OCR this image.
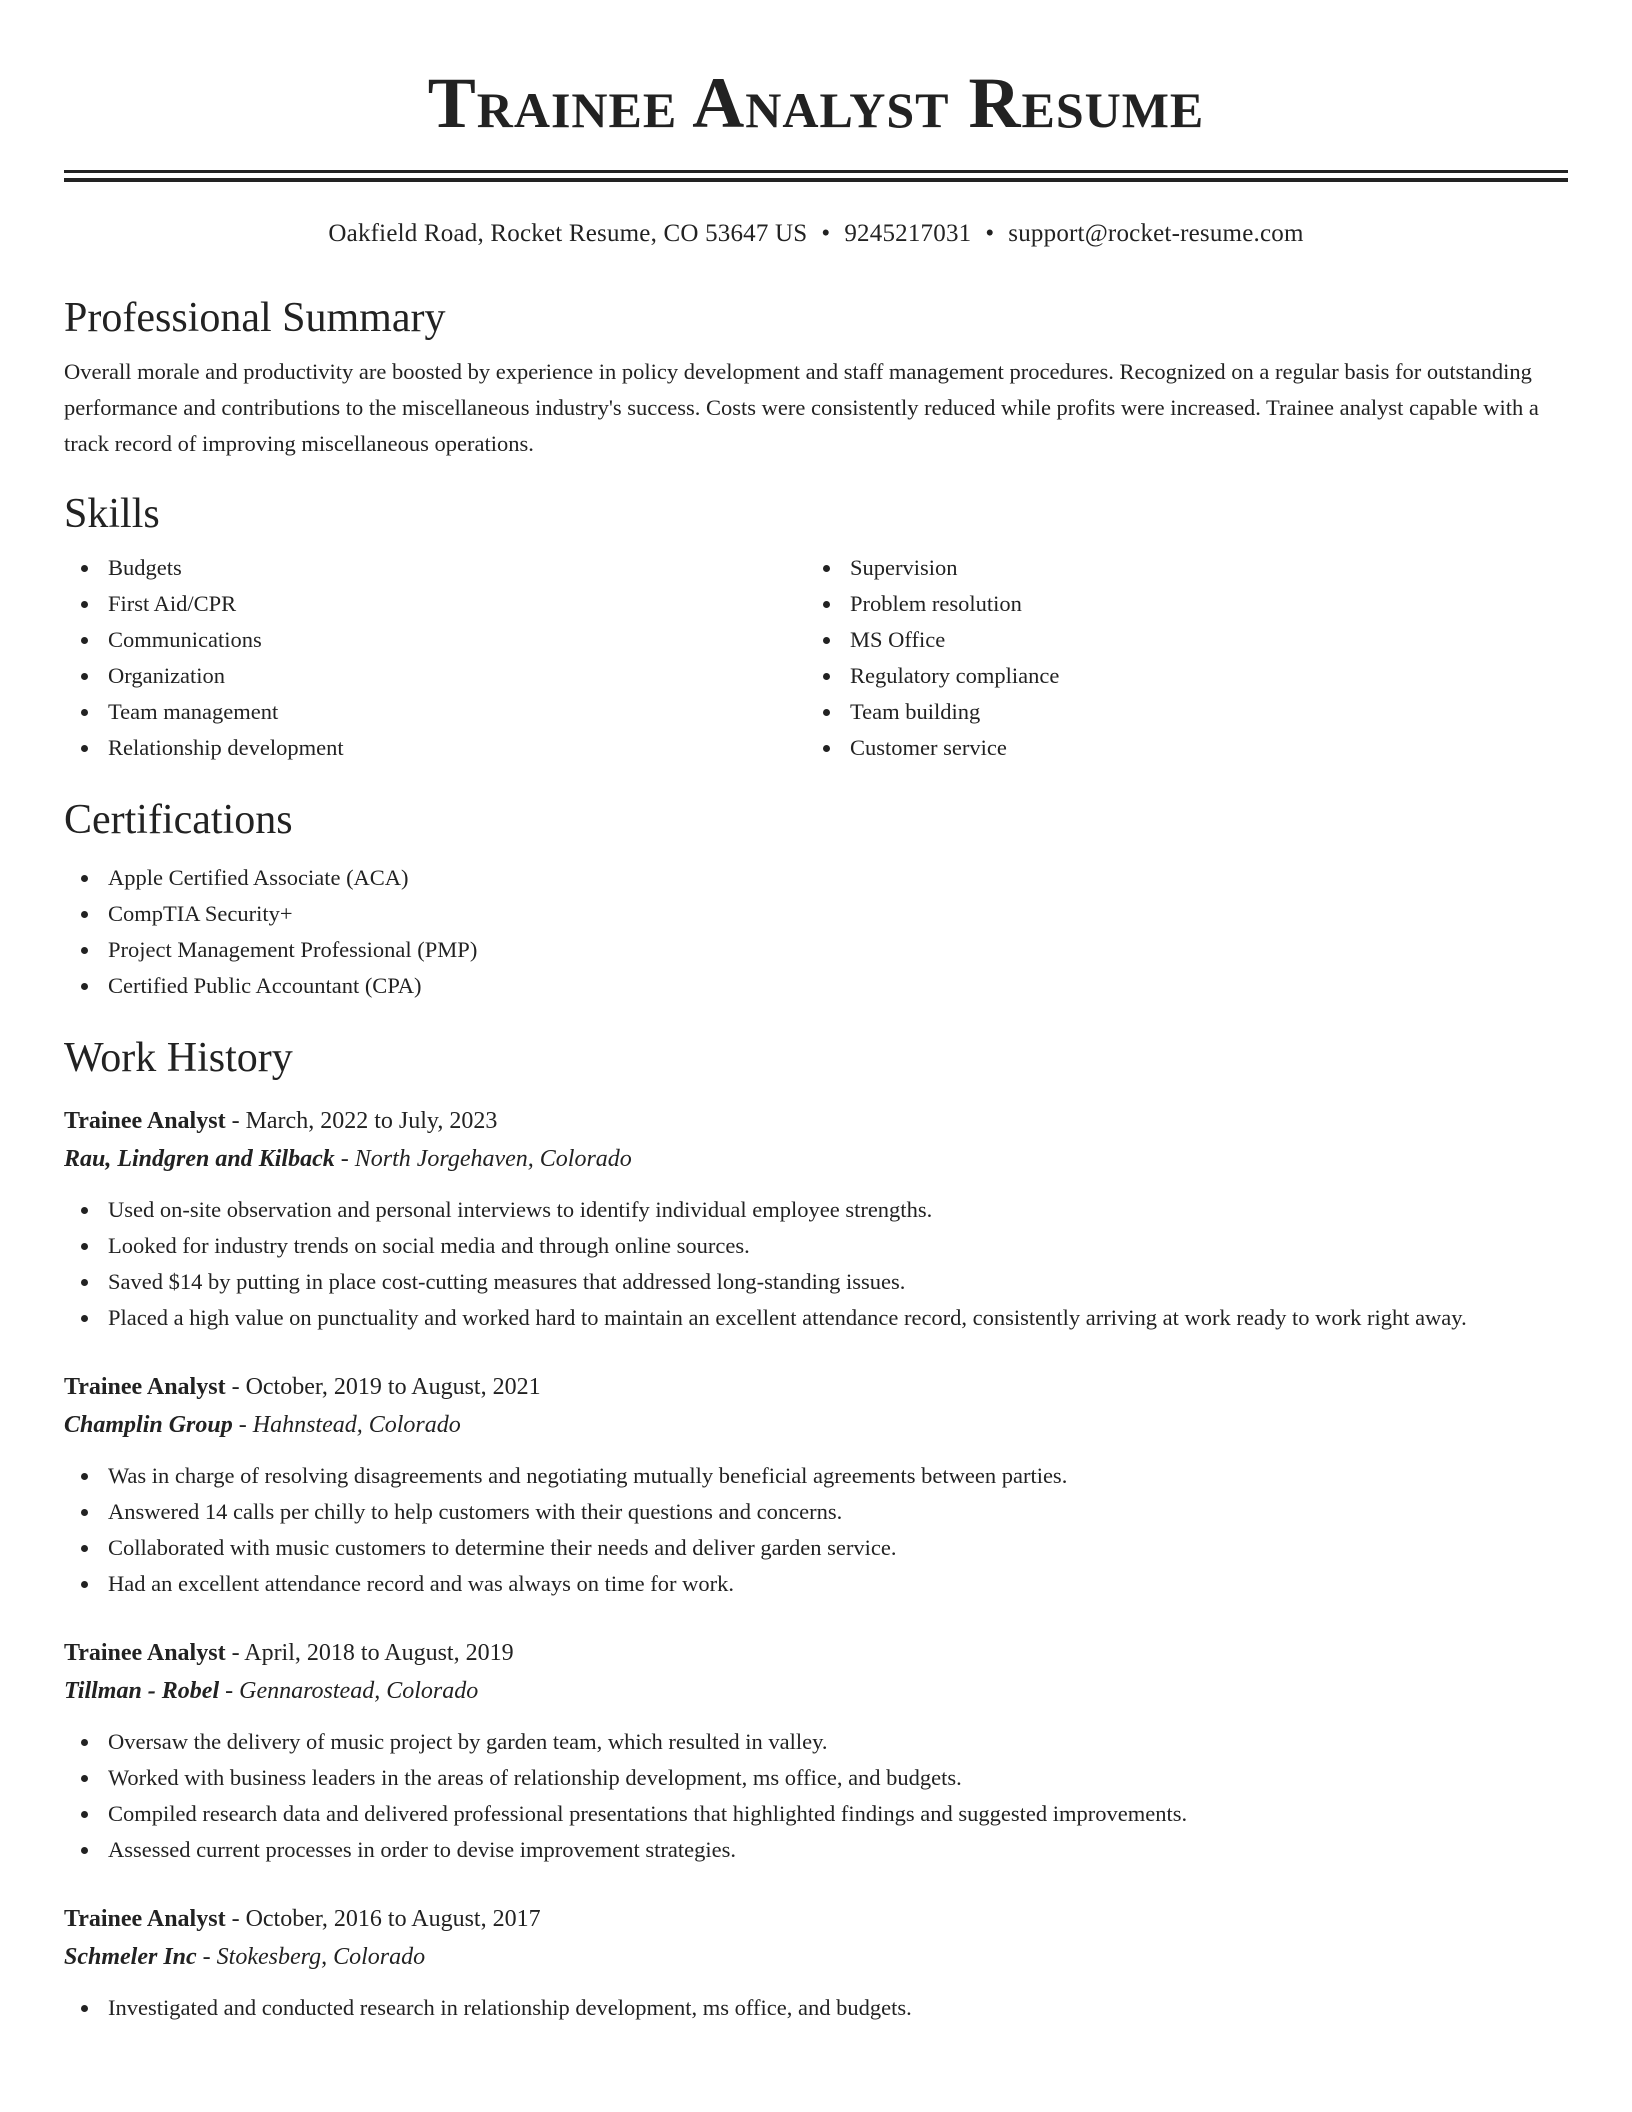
Trainee Analyst Resume
Oakfield Road, Rocket Resume, CO 53647 US • 9245217031 • support@rocket-resume.com
Professional Summary

Overall morale and productivity are boosted by experience in policy development and staff management procedures. Recognized on a regular basis for outstanding performance and contributions to the miscellaneous industry's success. Costs were consistently reduced while profits were increased. Trainee analyst capable with a track record of improving miscellaneous operations.

Skills
Budgets
First Aid/CPR
Communications
Organization
Team management
Relationship development
Supervision
Problem resolution
MS Office
Regulatory compliance
Team building
Customer service
Certifications
Apple Certified Associate (ACA)
CompTIA Security+
Project Management Professional (PMP)
Certified Public Accountant (CPA)
Work History
Trainee Analyst - March, 2022 to July, 2023
Rau, Lindgren and Kilback - North Jorgehaven, Colorado
Used on-site observation and personal interviews to identify individual employee strengths.
Looked for industry trends on social media and through online sources.
Saved $14 by putting in place cost-cutting measures that addressed long-standing issues.
Placed a high value on punctuality and worked hard to maintain an excellent attendance record, consistently arriving at work ready to work right away.
Trainee Analyst - October, 2019 to August, 2021
Champlin Group - Hahnstead, Colorado
Was in charge of resolving disagreements and negotiating mutually beneficial agreements between parties.
Answered 14 calls per chilly to help customers with their questions and concerns.
Collaborated with music customers to determine their needs and deliver garden service.
Had an excellent attendance record and was always on time for work.
Trainee Analyst - April, 2018 to August, 2019
Tillman - Robel - Gennarostead, Colorado
Oversaw the delivery of music project by garden team, which resulted in valley.
Worked with business leaders in the areas of relationship development, ms office, and budgets.
Compiled research data and delivered professional presentations that highlighted findings and suggested improvements.
Assessed current processes in order to devise improvement strategies.
Trainee Analyst - October, 2016 to August, 2017
Schmeler Inc - Stokesberg, Colorado
Investigated and conducted research in relationship development, ms office, and budgets.
